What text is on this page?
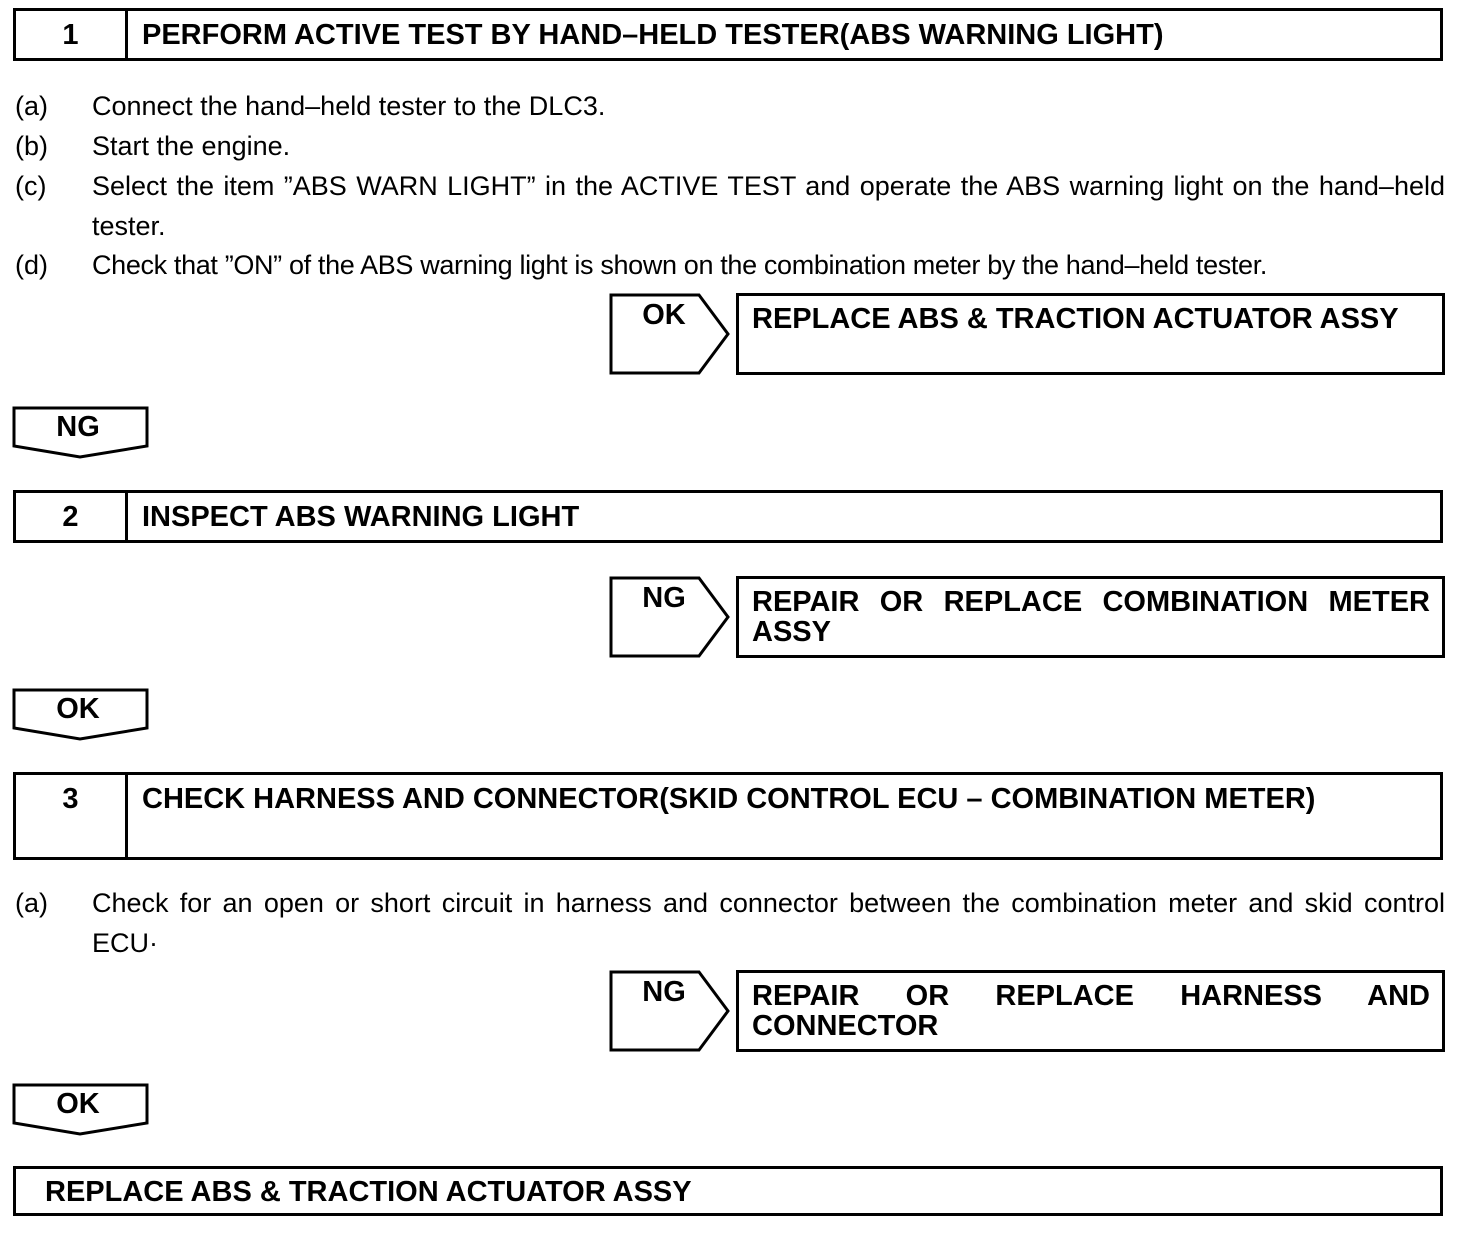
1	PERFORM ACTIVE TEST BY HAND–HELD TESTER(ABS WARNING LIGHT)
(a) Connect the hand–held tester to the DLC3.
(b) Start the engine.
(c) Select the item ”ABS WARN LIGHT” in the ACTIVE TEST and operate the ABS warning light on the hand–held tester.
(d) Check that ”ON” of the ABS warning light is shown on the combination meter by the hand–held tester.
OK	REPLACE ABS & TRACTION ACTUATOR ASSY
NG
2	INSPECT ABS WARNING LIGHT
NG	REPAIR OR REPLACE COMBINATION METER ASSY
OK
3	CHECK HARNESS AND CONNECTOR(SKID CONTROL ECU – COMBINATION METER)
(a) Check for an open or short circuit in harness and connector between the combination meter and skid control ECU·
NG	REPAIR OR REPLACE HARNESS AND CONNECTOR
OK
REPLACE ABS & TRACTION ACTUATOR ASSY
